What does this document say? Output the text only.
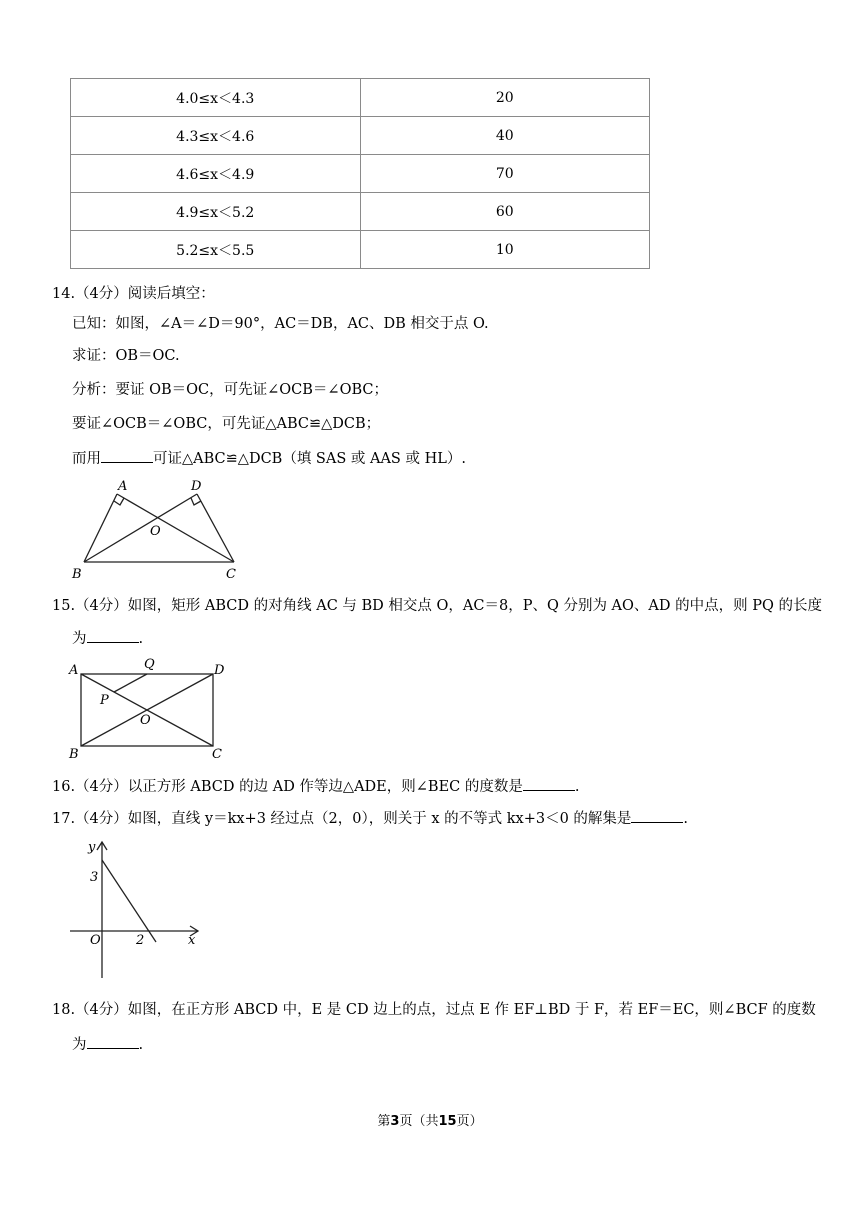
4.0≤x＜4.3	20
4.3≤x＜4.6	40
4.6≤x＜4.9	70
4.9≤x＜5.2	60
5.2≤x＜5.5	10
14.（4分）阅读后填空：
已知：如图，∠A＝∠D＝90°，AC＝DB，AC、DB 相交于点 O.
求证：OB＝OC.
分析：要证 OB＝OC，可先证∠OCB＝∠OBC；
要证∠OCB＝∠OBC，可先证△ABC≌△DCB；
而用	可证△ABC≌△DCB（填 SAS 或 AAS 或 HL）.
A	D
O
B	C
15.（4分）如图，矩形 ABCD 的对角线 AC 与 BD 相交点 O，AC＝8，P、Q 分别为 AO、AD 的中点，则 PQ 的长度
为	.
A	Q	D
P
O
B	C
16.（4分）以正方形 ABCD 的边 AD 作等边△ADE，则∠BEC 的度数是	.
17.（4分）如图，直线 y＝kx+3 经过点（2，0），则关于 x 的不等式 kx+3＜0 的解集是	.
y
3
O	2	x
18.（4分）如图，在正方形 ABCD 中，E 是 CD 边上的点，过点 E 作 EF⊥BD 于 F，若 EF＝EC，则∠BCF 的度数
为	.
第3页（共15页）
